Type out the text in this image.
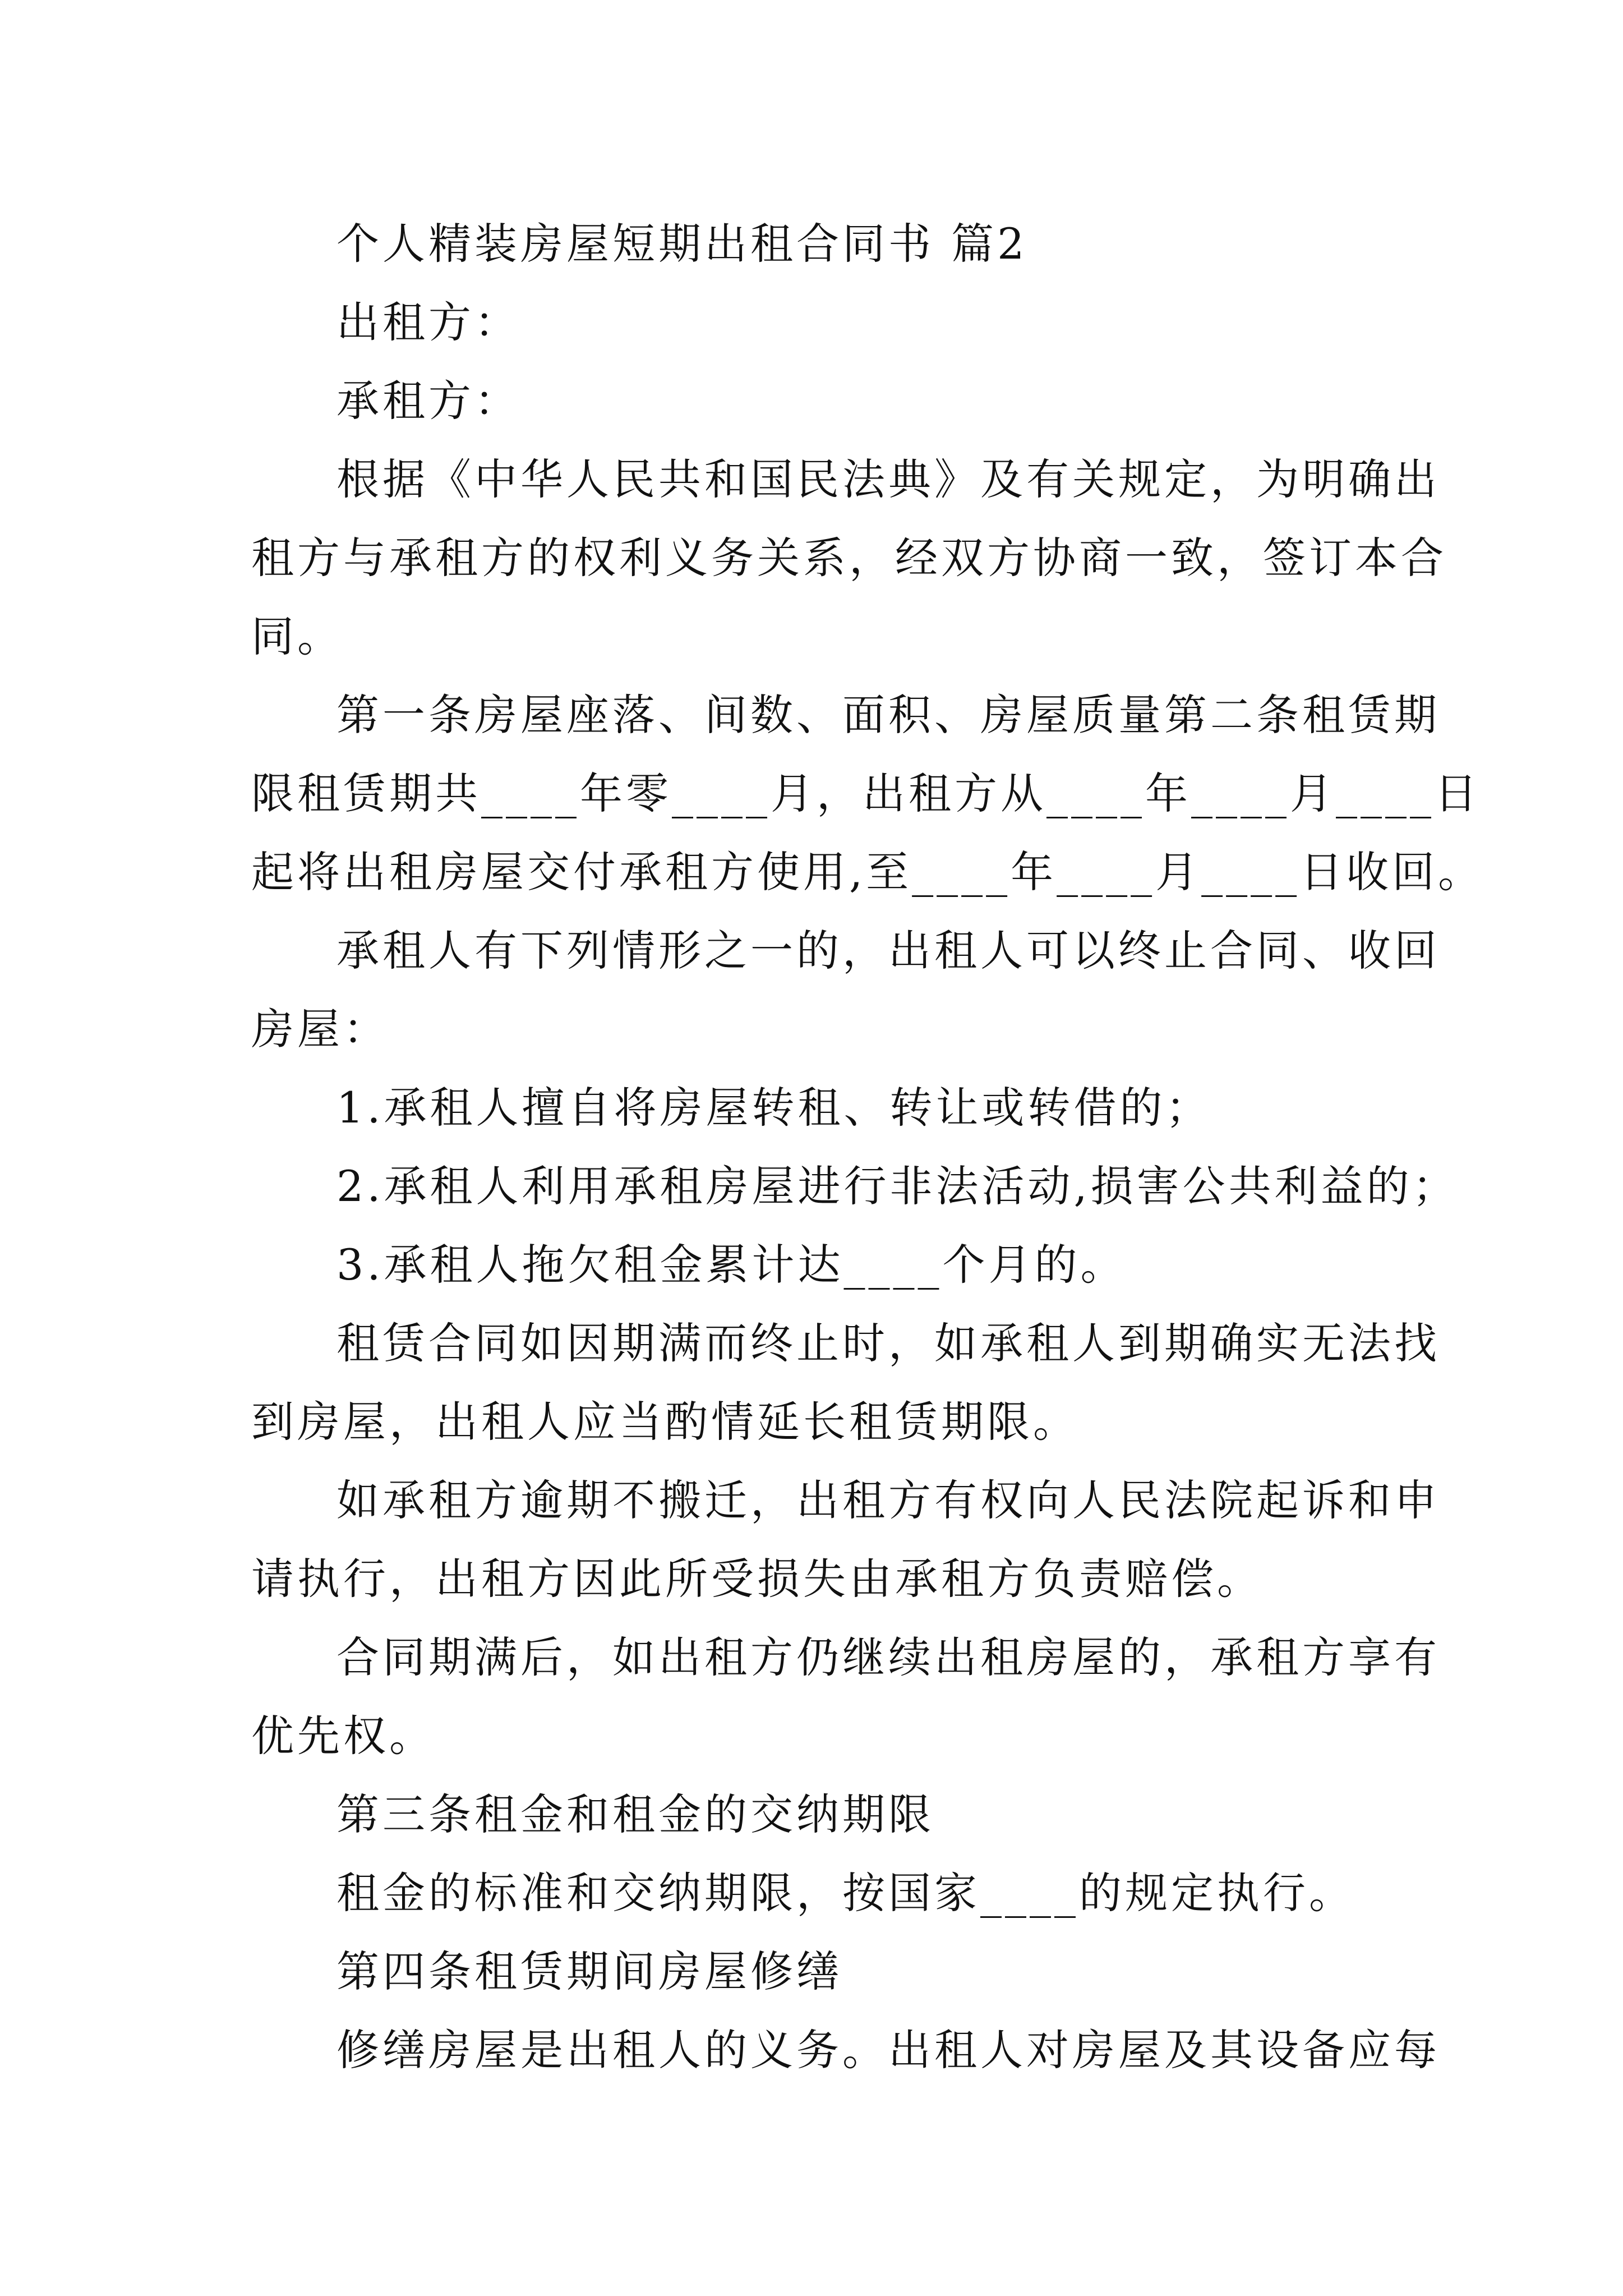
个人精装房屋短期出租合同书 篇2
出租方：
承租方：
根据《中华人民共和国民法典》及有关规定，为明确出
租方与承租方的权利义务关系，经双方协商一致，签订本合
同。
第一条房屋座落、间数、面积、房屋质量第二条租赁期
限租赁期共____年零____月，出租方从____年____月____日
起将出租房屋交付承租方使用,至____年____月____日收回。
承租人有下列情形之一的，出租人可以终止合同、收回
房屋：
1.承租人擅自将房屋转租、转让或转借的；
2.承租人利用承租房屋进行非法活动,损害公共利益的；
3.承租人拖欠租金累计达____个月的。
租赁合同如因期满而终止时，如承租人到期确实无法找
到房屋，出租人应当酌情延长租赁期限。
如承租方逾期不搬迁，出租方有权向人民法院起诉和申
请执行，出租方因此所受损失由承租方负责赔偿。
合同期满后，如出租方仍继续出租房屋的，承租方享有
优先权。
第三条租金和租金的交纳期限
租金的标准和交纳期限，按国家____的规定执行。
第四条租赁期间房屋修缮
修缮房屋是出租人的义务。出租人对房屋及其设备应每
